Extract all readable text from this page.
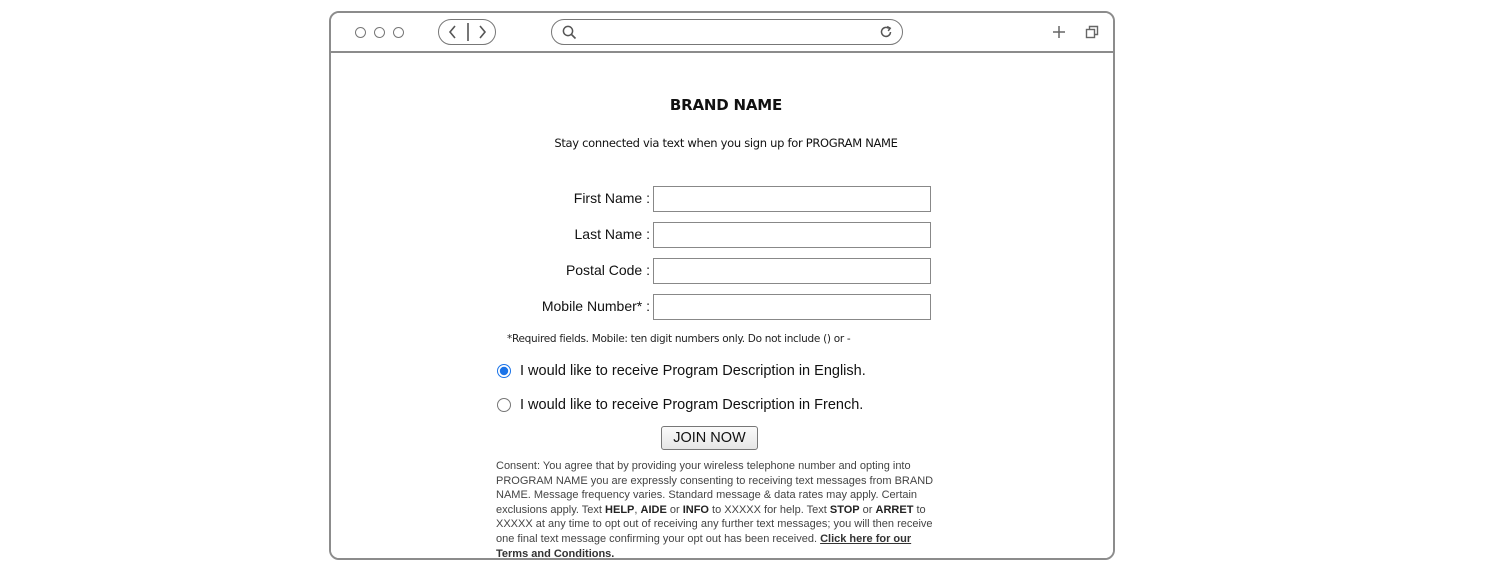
BRAND NAME
Stay connected via text when you sign up for PROGRAM NAME
First Name :
Last Name :
Postal Code :
Mobile Number* :
*Required fields. Mobile: ten digit numbers only. Do not include () or -
I would like to receive Program Description in English.
I would like to receive Program Description in French.
JOIN NOW
Consent: You agree that by providing your wireless telephone number and opting into PROGRAM NAME you are expressly consenting to receiving text messages from BRAND NAME. Message frequency varies. Standard message & data rates may apply. Certain exclusions apply. Text HELP, AIDE or INFO to XXXXX for help. Text STOP or ARRET to XXXXX at any time to opt out of receiving any further text messages; you will then receive one final text message confirming your opt out has been received. Click here for our Terms and Conditions.
